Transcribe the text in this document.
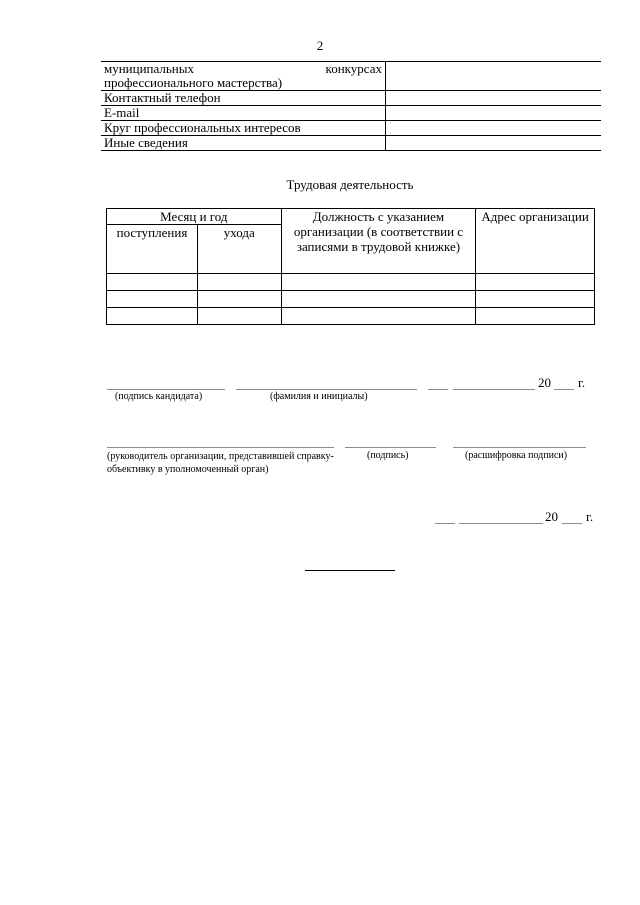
2
муниципальных конкурсах
профессионального мастерства)	

Контактный телефон	
E-mail	
Круг профессиональных интересов	
Иные сведения	
Трудовая деятельность
Месяц и год		Должность с указанием организации (в соответствии с записями в трудовой книжке)	Адрес организации
поступления	ухода		

20 г.
(подпись кандидата)	(фамилия и инициалы)
(руководитель организации, представившей справку-объективку в уполномоченный орган)
(подпись)	(расшифровка подписи)
20 г.
